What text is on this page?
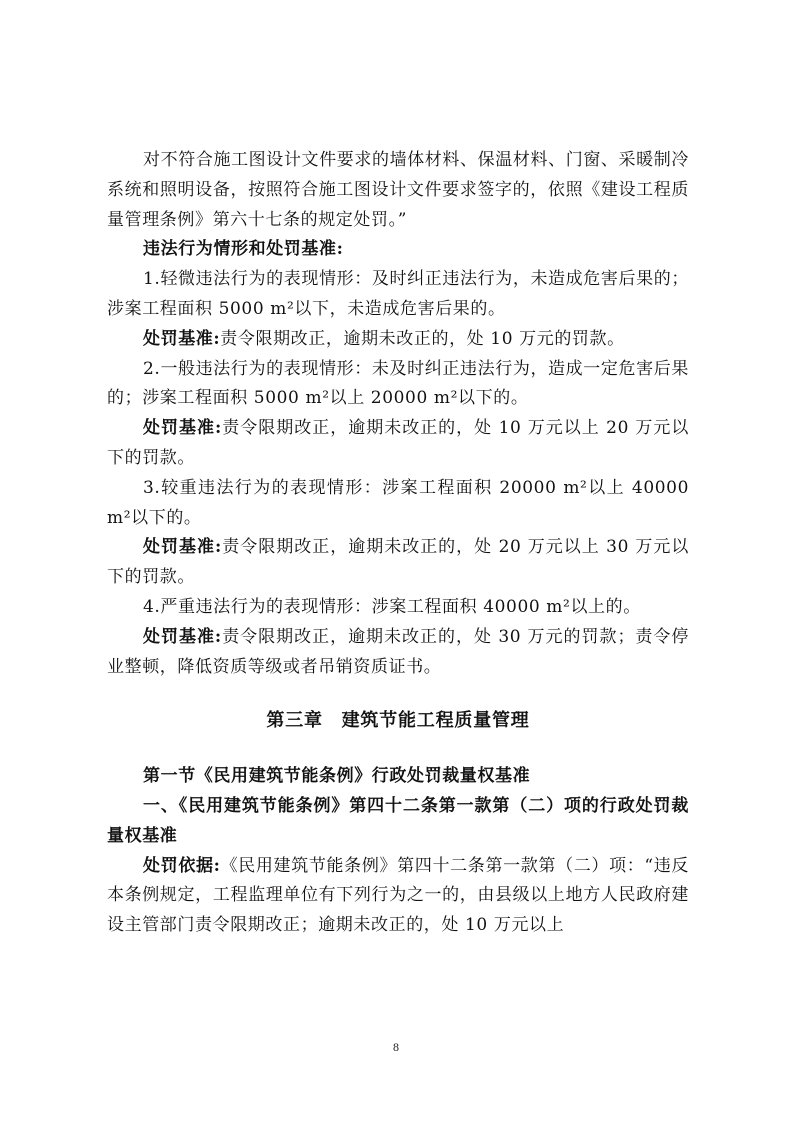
对不符合施工图设计文件要求的墙体材料、保温材料、门窗、采暖制冷系统和照明设备，按照符合施工图设计文件要求签字的，依照《建设工程质量管理条例》第六十七条的规定处罚。”

违法行为情形和处罚基准:

1.轻微违法行为的表现情形：及时纠正违法行为，未造成危害后果的；涉案工程面积 5000 m²以下，未造成危害后果的。

处罚基准:责令限期改正，逾期未改正的，处 10 万元的罚款。

2.一般违法行为的表现情形：未及时纠正违法行为，造成一定危害后果的；涉案工程面积 5000 m²以上 20000 m²以下的。

处罚基准:责令限期改正，逾期未改正的，处 10 万元以上 20 万元以下的罚款。

3.较重违法行为的表现情形：涉案工程面积 20000 m²以上 40000 m²以下的。

处罚基准:责令限期改正，逾期未改正的，处 20 万元以上 30 万元以下的罚款。

4.严重违法行为的表现情形：涉案工程面积 40000 m²以上的。

处罚基准:责令限期改正，逾期未改正的，处 30 万元的罚款；责令停业整顿，降低资质等级或者吊销资质证书。

第三章　建筑节能工程质量管理

第一节《民用建筑节能条例》行政处罚裁量权基准

一、《民用建筑节能条例》第四十二条第一款第（二）项的行政处罚裁量权基准

处罚依据:《民用建筑节能条例》第四十二条第一款第（二）项：“违反本条例规定，工程监理单位有下列行为之一的，由县级以上地方人民政府建设主管部门责令限期改正；逾期未改正的，处 10 万元以上

8
